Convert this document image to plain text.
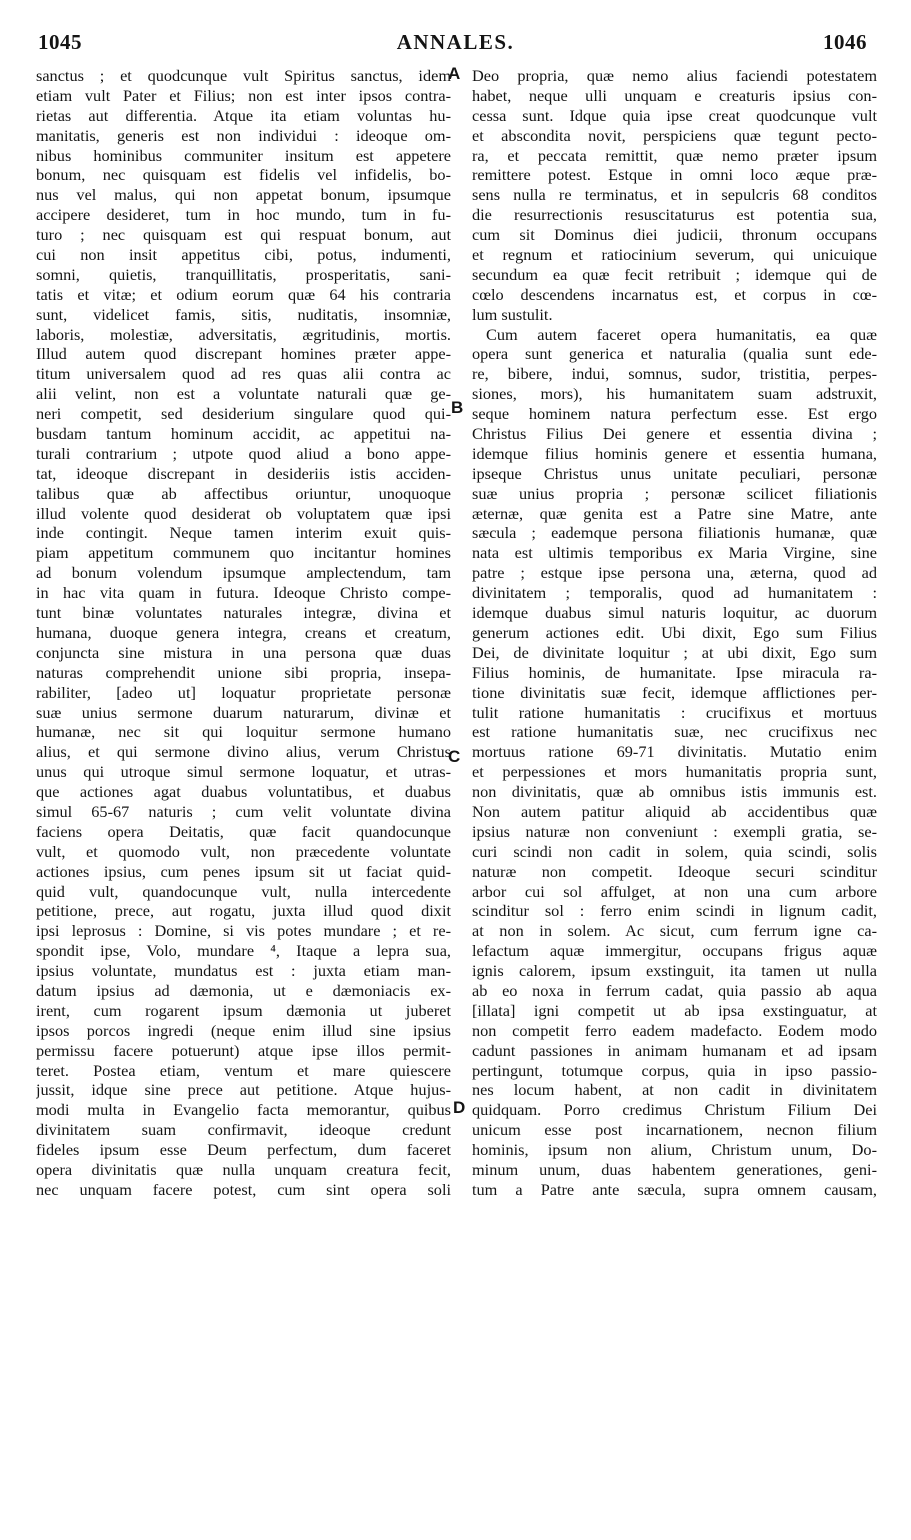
1045	ANNALES.	1046
A
B
C
D
sanctus ; et quodcunque vult Spiritus sanctus, idem
etiam vult Pater et Filius; non est inter ipsos contra-
rietas aut differentia. Atque ita etiam voluntas hu-
manitatis, generis est non individui : ideoque om-
nibus hominibus communiter insitum est appetere
bonum, nec quisquam est fidelis vel infidelis, bo-
nus vel malus, qui non appetat bonum, ipsumque
accipere desideret, tum in hoc mundo, tum in fu-
turo ; nec quisquam est qui respuat bonum, aut
cui non insit appetitus cibi, potus, indumenti,
somni, quietis, tranquillitatis, prosperitatis, sani-
tatis et vitæ; et odium eorum quæ 64 his contraria
sunt, videlicet famis, sitis, nuditatis, insomniæ,
laboris, molestiæ, adversitatis, ægritudinis, mortis.
Illud autem quod discrepant homines præter appe-
titum universalem quod ad res quas alii contra ac
alii velint, non est a voluntate naturali quæ ge-
neri competit, sed desiderium singulare quod qui-
busdam tantum hominum accidit, ac appetitui na-
turali contrarium ; utpote quod aliud a bono appe-
tat, ideoque discrepant in desideriis istis acciden-
talibus quæ ab affectibus oriuntur, unoquoque
illud volente quod desiderat ob voluptatem quæ ipsi
inde contingit. Neque tamen interim exuit quis-
piam appetitum communem quo incitantur homines
ad bonum volendum ipsumque amplectendum, tam
in hac vita quam in futura. Ideoque Christo compe-
tunt binæ voluntates naturales integræ, divina et
humana, duoque genera integra, creans et creatum,
conjuncta sine mistura in una persona quæ duas
naturas comprehendit unione sibi propria, insepa-
rabiliter, [adeo ut] loquatur proprietate personæ
suæ unius sermone duarum naturarum, divinæ et
humanæ, nec sit qui loquitur sermone humano
alius, et qui sermone divino alius, verum Christus
unus qui utroque simul sermone loquatur, et utras-
que actiones agat duabus voluntatibus, et duabus
simul 65-67 naturis ; cum velit voluntate divina
faciens opera Deitatis, quæ facit quandocunque
vult, et quomodo vult, non præcedente voluntate
actiones ipsius, cum penes ipsum sit ut faciat quid-
quid vult, quandocunque vult, nulla intercedente
petitione, prece, aut rogatu, juxta illud quod dixit
ipsi leprosus : Domine, si vis potes mundare ; et re-
spondit ipse, Volo, mundare ⁴, Itaque a lepra sua,
ipsius voluntate, mundatus est : juxta etiam man-
datum ipsius ad dæmonia, ut e dæmoniacis ex-
irent, cum rogarent ipsum dæmonia ut juberet
ipsos porcos ingredi (neque enim illud sine ipsius
permissu facere potuerunt) atque ipse illos permit-
teret. Postea etiam, ventum et mare quiescere
jussit, idque sine prece aut petitione. Atque hujus-
modi multa in Evangelio facta memorantur, quibus
divinitatem suam confirmavit, ideoque credunt
fideles ipsum esse Deum perfectum, dum faceret
opera divinitatis quæ nulla unquam creatura fecit,
nec unquam facere potest, cum sint opera soli
Deo propria, quæ nemo alius faciendi potestatem
habet, neque ulli unquam e creaturis ipsius con-
cessa sunt. Idque quia ipse creat quodcunque vult
et abscondita novit, perspiciens quæ tegunt pecto-
ra, et peccata remittit, quæ nemo præter ipsum
remittere potest. Estque in omni loco æque præ-
sens nulla re terminatus, et in sepulcris 68 conditos
die resurrectionis resuscitaturus est potentia sua,
cum sit Dominus diei judicii, thronum occupans
et regnum et ratiocinium severum, qui unicuique
secundum ea quæ fecit retribuit ; idemque qui de
cœlo descendens incarnatus est, et corpus in cœ-
lum sustulit.
Cum autem faceret opera humanitatis, ea quæ
opera sunt generica et naturalia (qualia sunt ede-
re, bibere, indui, somnus, sudor, tristitia, perpes-
siones, mors), his humanitatem suam adstruxit,
seque hominem natura perfectum esse. Est ergo
Christus Filius Dei genere et essentia divina ;
idemque filius hominis genere et essentia humana,
ipseque Christus unus unitate peculiari, personæ
suæ unius propria ; personæ scilicet filiationis
æternæ, quæ genita est a Patre sine Matre, ante
sæcula ; eademque persona filiationis humanæ, quæ
nata est ultimis temporibus ex Maria Virgine, sine
patre ; estque ipse persona una, æterna, quod ad
divinitatem ; temporalis, quod ad humanitatem :
idemque duabus simul naturis loquitur, ac duorum
generum actiones edit. Ubi dixit, Ego sum Filius
Dei, de divinitate loquitur ; at ubi dixit, Ego sum
Filius hominis, de humanitate. Ipse miracula ra-
tione divinitatis suæ fecit, idemque afflictiones per-
tulit ratione humanitatis : crucifixus et mortuus
est ratione humanitatis suæ, nec crucifixus nec
mortuus ratione 69-71 divinitatis. Mutatio enim
et perpessiones et mors humanitatis propria sunt,
non divinitatis, quæ ab omnibus istis immunis est.
Non autem patitur aliquid ab accidentibus quæ
ipsius naturæ non conveniunt : exempli gratia, se-
curi scindi non cadit in solem, quia scindi, solis
naturæ non competit. Ideoque securi scinditur
arbor cui sol affulget, at non una cum arbore
scinditur sol : ferro enim scindi in lignum cadit,
at non in solem. Ac sicut, cum ferrum igne ca-
lefactum aquæ immergitur, occupans frigus aquæ
ignis calorem, ipsum exstinguit, ita tamen ut nulla
ab eo noxa in ferrum cadat, quia passio ab aqua
[illata] igni competit ut ab ipsa exstinguatur, at
non competit ferro eadem madefacto. Eodem modo
cadunt passiones in animam humanam et ad ipsam
pertingunt, totumque corpus, quia in ipso passio-
nes locum habent, at non cadit in divinitatem
quidquam. Porro credimus Christum Filium Dei
unicum esse post incarnationem, necnon filium
hominis, ipsum non alium, Christum unum, Do-
minum unum, duas habentem generationes, geni-
tum a Patre ante sæcula, supra omnem causam,
